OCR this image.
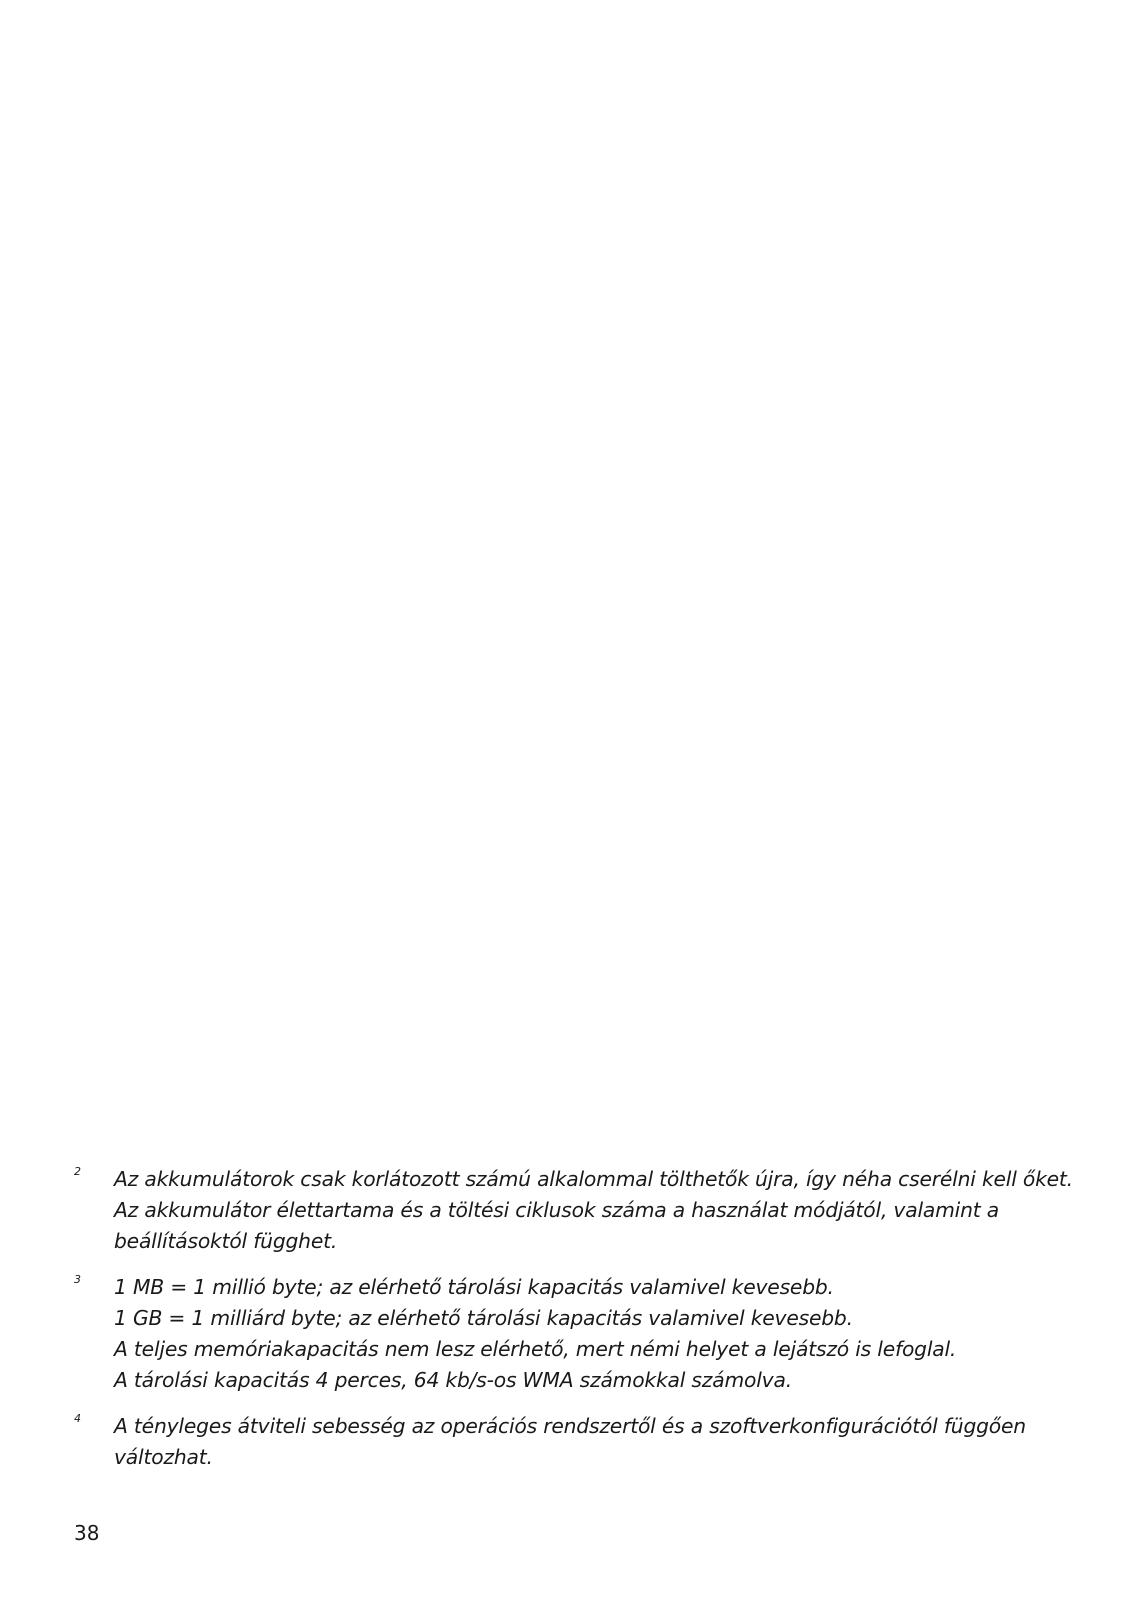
2 Az akkumulátorok csak korlátozott számú alkalommal tölthetők újra, így néha cserélni kell őket.
Az akkumulátor élettartama és a töltési ciklusok száma a használat módjától, valamint a
beállításoktól függhet.
3 1 MB = 1 millió byte; az elérhető tárolási kapacitás valamivel kevesebb.
1 GB = 1 milliárd byte; az elérhető tárolási kapacitás valamivel kevesebb.
A teljes memóriakapacitás nem lesz elérhető, mert némi helyet a lejátszó is lefoglal.
A tárolási kapacitás 4 perces, 64 kb/s-os WMA számokkal számolva.
4 A tényleges átviteli sebesség az operációs rendszertől és a szoftverkonfigurációtól függően
változhat.
38
